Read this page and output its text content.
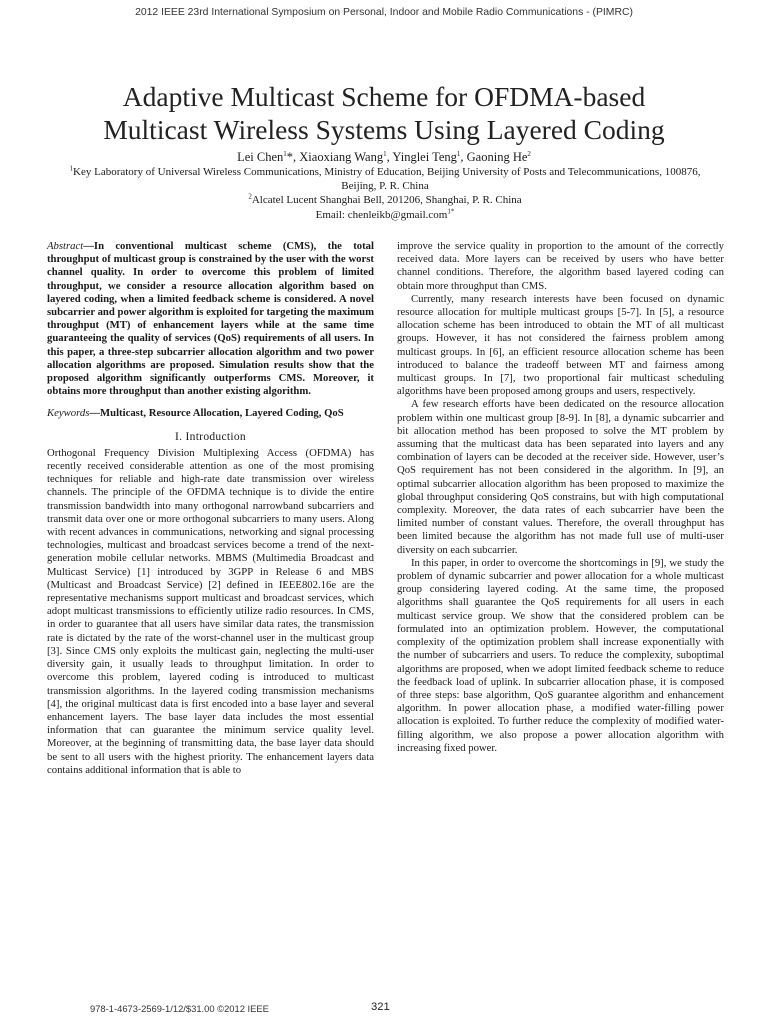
2012 IEEE 23rd International Symposium on Personal, Indoor and Mobile Radio Communications - (PIMRC)
Adaptive Multicast Scheme for OFDMA-based
Multicast Wireless Systems Using Layered Coding
Lei Chen$^1$*, Xiaoxiang Wang$^1$, Yinglei Teng$^1$, Gaoning He$^2$
$^1$Key Laboratory of Universal Wireless Communications, Ministry of Education, Beijing University of Posts and Telecommunications, 100876, Beijing, P. R. China
$^2$Alcatel Lucent Shanghai Bell, 201206, Shanghai, P. R. China
Email: chenleikb@gmail.com$^{1*}$

Abstract—In conventional multicast scheme (CMS), the total throughput of multicast group is constrained by the user with the worst channel quality. In order to overcome this problem of limited throughput, we consider a resource allocation algorithm based on layered coding, when a limited feedback scheme is considered. A novel subcarrier and power algorithm is exploited for targeting the maximum throughput (MT) of enhancement layers while at the same time guaranteeing the quality of services (QoS) requirements of all users. In this paper, a three-step subcarrier allocation algorithm and two power allocation algorithms are proposed. Simulation results show that the proposed algorithm significantly outperforms CMS. Moreover, it obtains more throughput than another existing algorithm.

Keywords—Multicast, Resource Allocation, Layered Coding, QoS

I. Introduction

Orthogonal Frequency Division Multiplexing Access (OFDMA) has recently received considerable attention as one of the most promising techniques for reliable and high-rate date transmission over wireless channels. The principle of the OFDMA technique is to divide the entire transmission bandwidth into many orthogonal narrowband subcarriers and transmit data over one or more orthogonal subcarriers to many users. Along with recent advances in communications, networking and signal processing technologies, multicast and broadcast services become a trend of the next-generation mobile cellular networks. MBMS (Multimedia Broadcast and Multicast Service) [1] introduced by 3GPP in Release 6 and MBS (Multicast and Broadcast Service) [2] defined in IEEE802.16e are the representative mechanisms support multicast and broadcast services, which adopt multicast transmissions to efficiently utilize radio resources. In CMS, in order to guarantee that all users have similar data rates, the transmission rate is dictated by the rate of the worst-channel user in the multicast group [3]. Since CMS only exploits the multicast gain, neglecting the multi-user diversity gain, it usually leads to throughput limitation. In order to overcome this problem, layered coding is introduced to multicast transmission algorithms. In the layered coding transmission mechanisms [4], the original multicast data is first encoded into a base layer and several enhancement layers. The base layer data includes the most essential information that can guarantee the minimum service quality level. Moreover, at the beginning of transmitting data, the base layer data should be sent to all users with the highest priority. The enhancement layers data contains additional information that is able to

improve the service quality in proportion to the amount of the correctly received data. More layers can be received by users who have better channel conditions. Therefore, the algorithm based layered coding can obtain more throughput than CMS.

Currently, many research interests have been focused on dynamic resource allocation for multiple multicast groups [5-7]. In [5], a resource allocation scheme has been introduced to obtain the MT of all multicast groups. However, it has not considered the fairness problem among multicast groups. In [6], an efficient resource allocation scheme has been introduced to balance the tradeoff between MT and fairness among multicast groups. In [7], two proportional fair multicast scheduling algorithms have been proposed among groups and users, respectively.

A few research efforts have been dedicated on the resource allocation problem within one multicast group [8-9]. In [8], a dynamic subcarrier and bit allocation method has been proposed to solve the MT problem by assuming that the multicast data has been separated into layers and any combination of layers can be decoded at the receiver side. However, user’s QoS requirement has not been considered in the algorithm. In [9], an optimal subcarrier allocation algorithm has been proposed to maximize the global throughput considering QoS constrains, but with high computational complexity. Moreover, the data rates of each subcarrier have been the limited number of constant values. Therefore, the overall throughput has been limited because the algorithm has not made full use of multi-user diversity on each subcarrier.

In this paper, in order to overcome the shortcomings in [9], we study the problem of dynamic subcarrier and power allocation for a whole multicast group considering layered coding. At the same time, the proposed algorithms shall guarantee the QoS requirements for all users in each multicast service group. We show that the considered problem can be formulated into an optimization problem. However, the computational complexity of the optimization problem shall increase exponentially with the number of subcarriers and users. To reduce the complexity, suboptimal algorithms are proposed, when we adopt limited feedback scheme to reduce the feedback load of uplink. In subcarrier allocation phase, it is composed of three steps: base algorithm, QoS guarantee algorithm and enhancement algorithm. In power allocation phase, a modified water-filling power allocation is exploited. To further reduce the complexity of modified water-filling algorithm, we also propose a power allocation algorithm with increasing fixed power.

978-1-4673-2569-1/12/$31.00 ©2012 IEEE	321
